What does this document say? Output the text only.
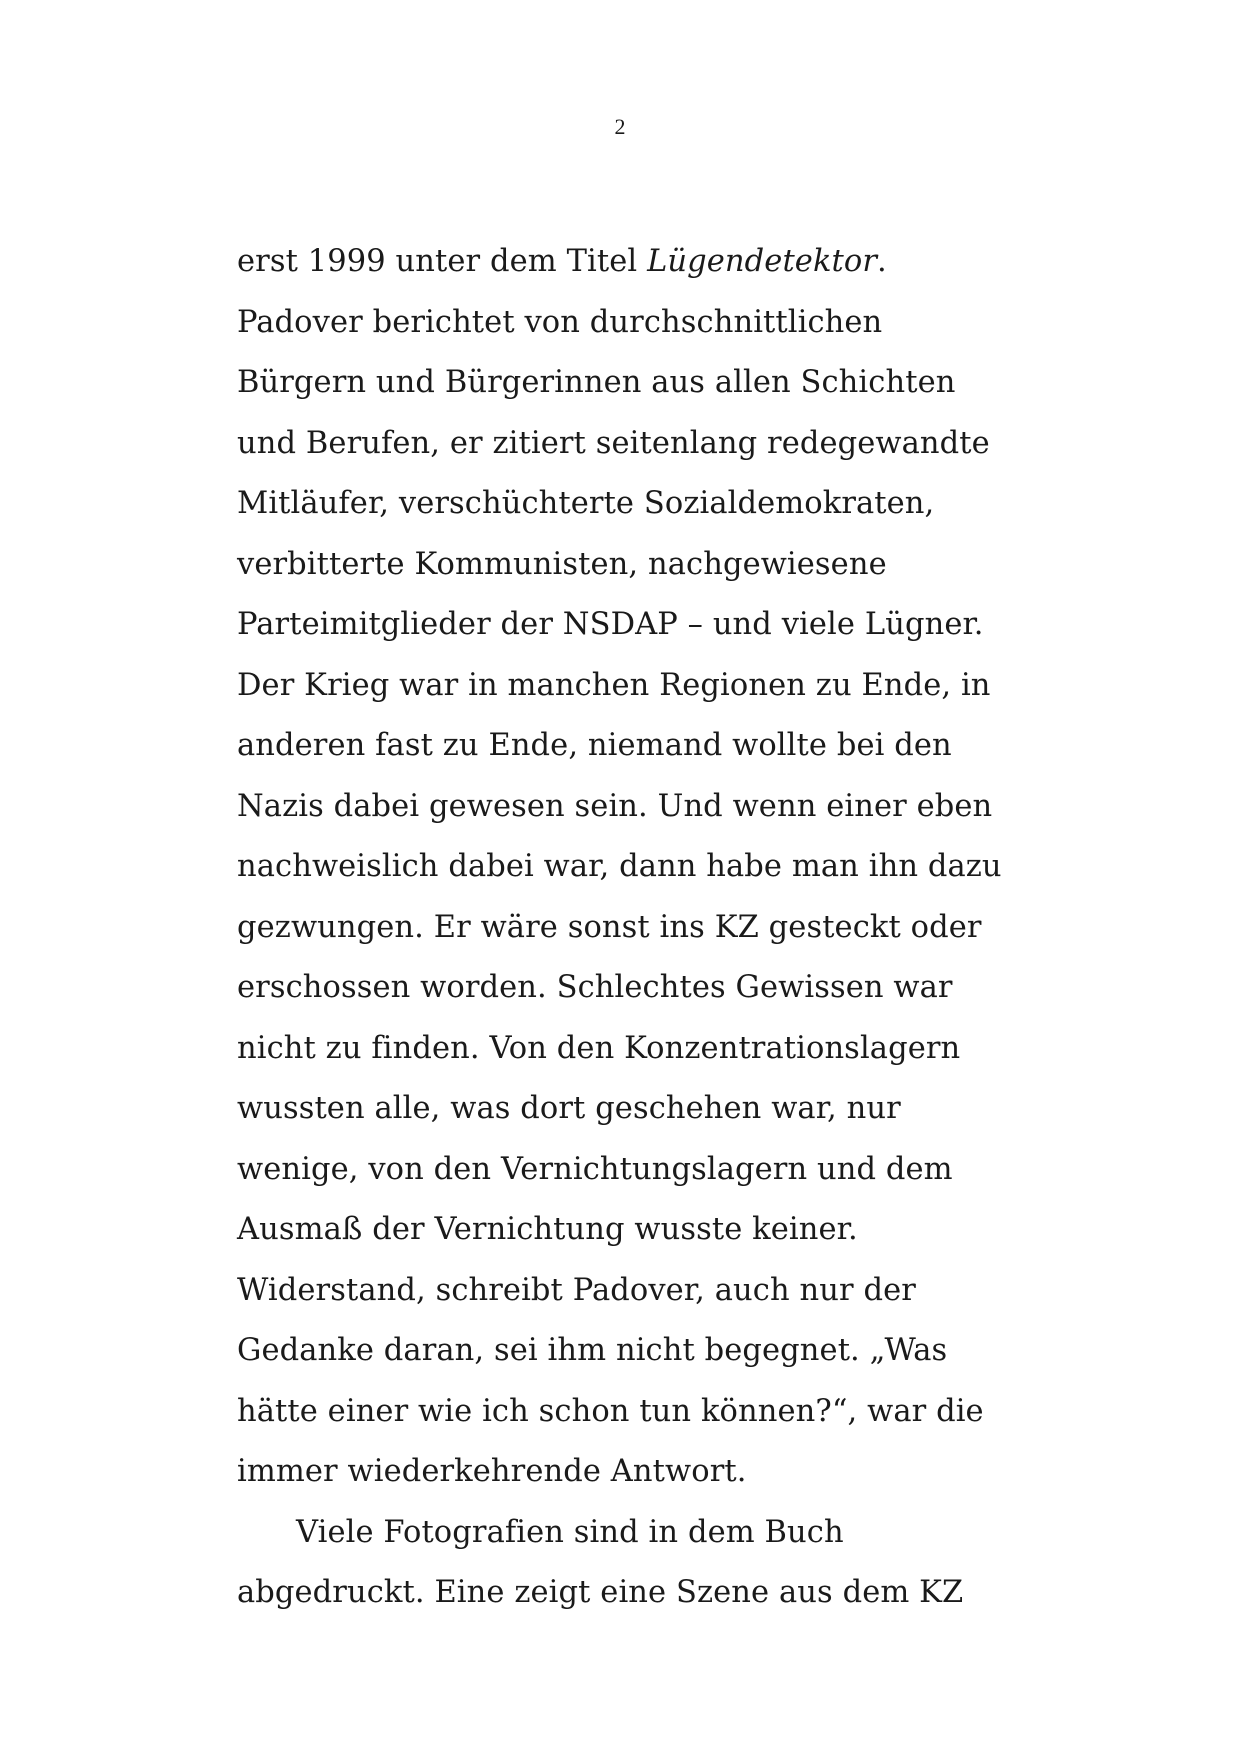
2
erst 1999 unter dem Titel Lügendetektor.
Padover berichtet von durchschnittlichen
Bürgern und Bürgerinnen aus allen Schichten
und Berufen, er zitiert seitenlang redegewandte
Mitläufer, verschüchterte Sozialdemokraten,
verbitterte Kommunisten, nachgewiesene
Parteimitglieder der NSDAP – und viele Lügner.
Der Krieg war in manchen Regionen zu Ende, in
anderen fast zu Ende, niemand wollte bei den
Nazis dabei gewesen sein. Und wenn einer eben
nachweislich dabei war, dann habe man ihn dazu
gezwungen. Er wäre sonst ins KZ gesteckt oder
erschossen worden. Schlechtes Gewissen war
nicht zu finden. Von den Konzentrationslagern
wussten alle, was dort geschehen war, nur
wenige, von den Vernichtungslagern und dem
Ausmaß der Vernichtung wusste keiner.
Widerstand, schreibt Padover, auch nur der
Gedanke daran, sei ihm nicht begegnet. „Was
hätte einer wie ich schon tun können?“, war die
immer wiederkehrende Antwort.
Viele Fotografien sind in dem Buch
abgedruckt. Eine zeigt eine Szene aus dem KZ
